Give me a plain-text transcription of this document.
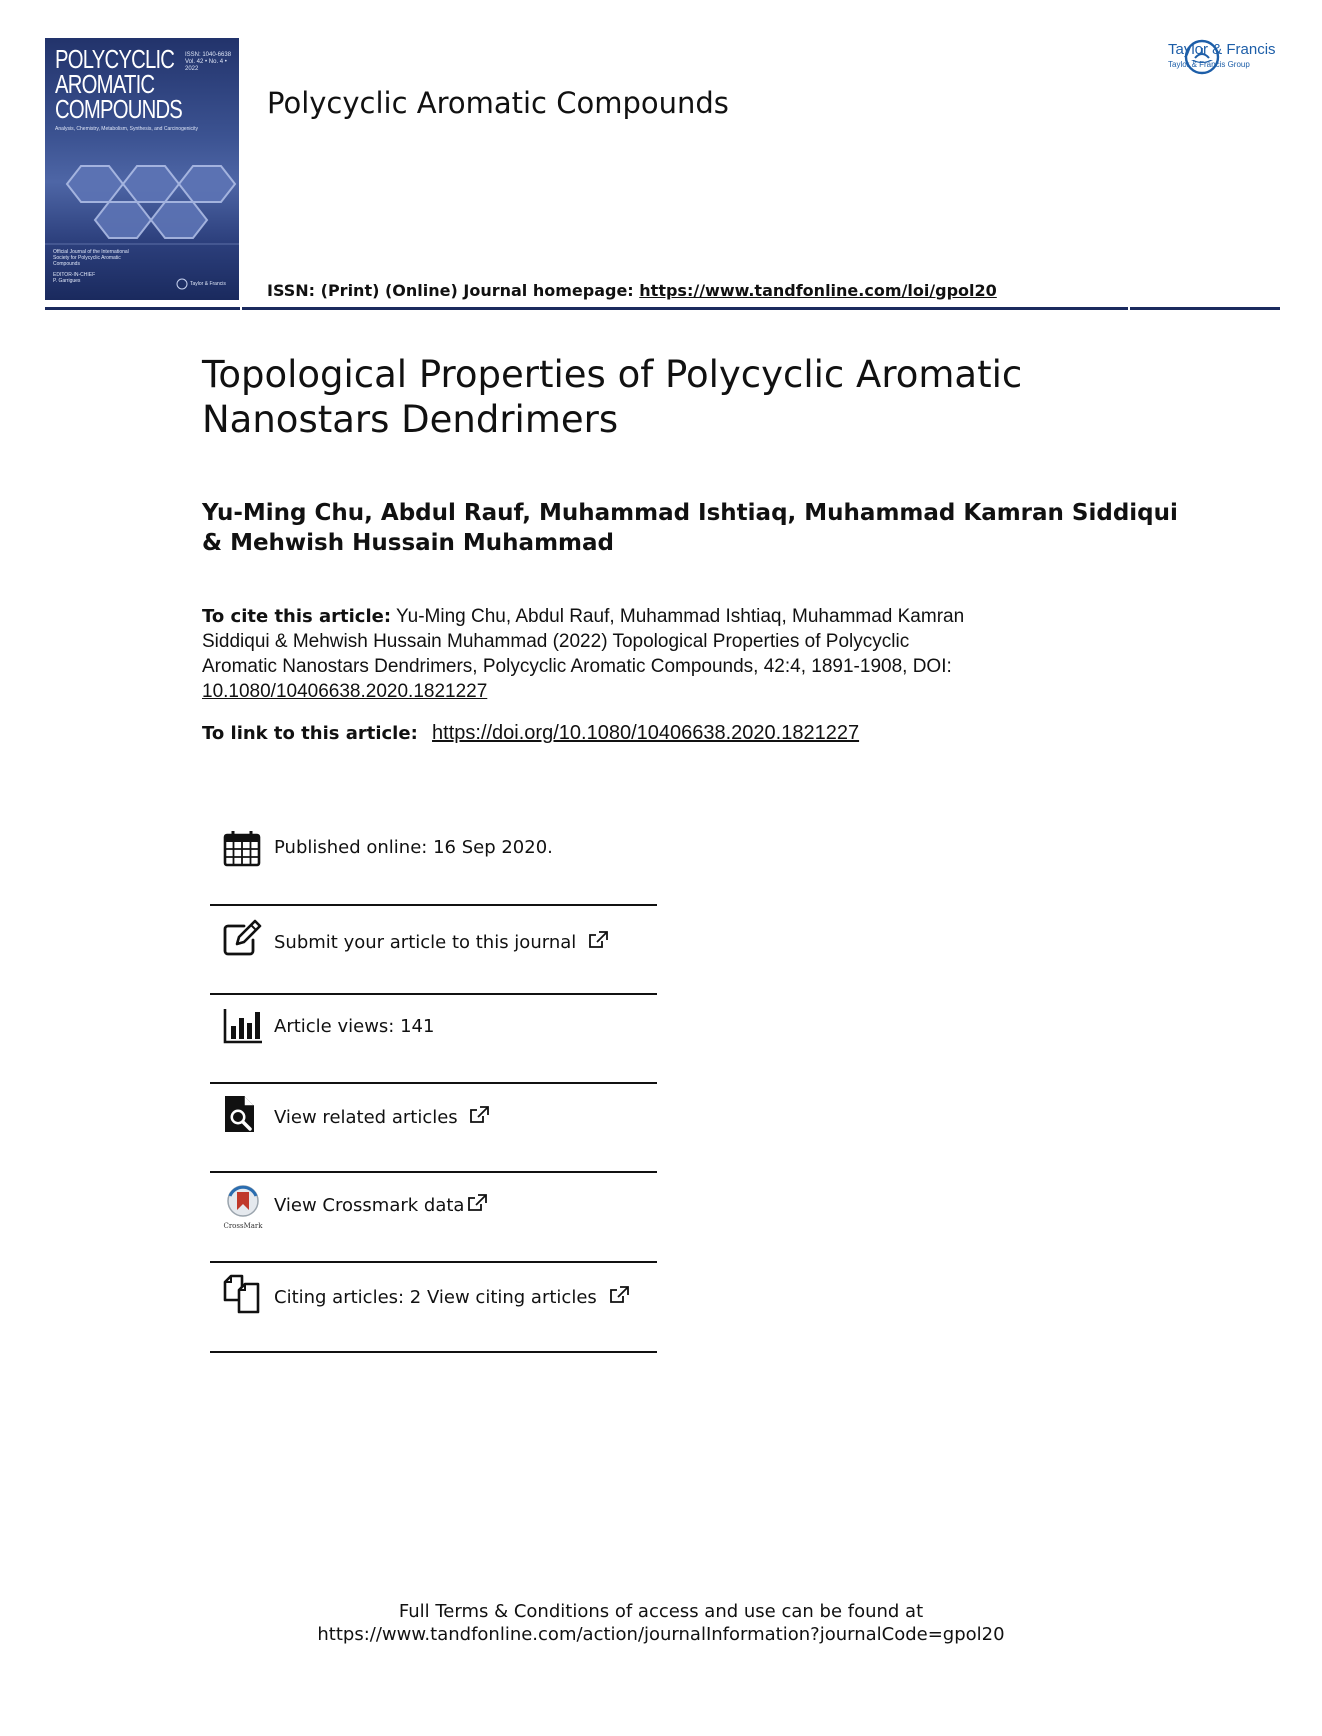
POLYCYCLIC
AROMATIC
COMPOUNDS
ISSN: 1040-6638
Vol. 42 • No. 4 • 2022
Analysis, Chemistry, Metabolism, Synthesis, and Carcinogenicity
Official Journal of the International Society for Polycyclic Aromatic Compounds
EDITOR-IN-CHIEF
P. Garrigues	Taylor & Francis
Polycyclic Aromatic Compounds
Taylor & Francis
Taylor & Francis Group
ISSN: (Print) (Online) Journal homepage: https://www.tandfonline.com/loi/gpol20
Topological Properties of Polycyclic Aromatic
Nanostars Dendrimers
Yu-Ming Chu, Abdul Rauf, Muhammad Ishtiaq, Muhammad Kamran Siddiqui
& Mehwish Hussain Muhammad
To cite this article: Yu-Ming Chu, Abdul Rauf, Muhammad Ishtiaq, Muhammad Kamran
Siddiqui & Mehwish Hussain Muhammad (2022) Topological Properties of Polycyclic
Aromatic Nanostars Dendrimers, Polycyclic Aromatic Compounds, 42:4, 1891-1908, DOI:
10.1080/10406638.2020.1821227
To link to this article: https://doi.org/10.1080/10406638.2020.1821227
Published online: 16 Sep 2020.
Submit your article to this journal
Article views: 141
View related articles
CrossMark
View Crossmark data
Citing articles: 2 View citing articles
Full Terms & Conditions of access and use can be found at
https://www.tandfonline.com/action/journalInformation?journalCode=gpol20
